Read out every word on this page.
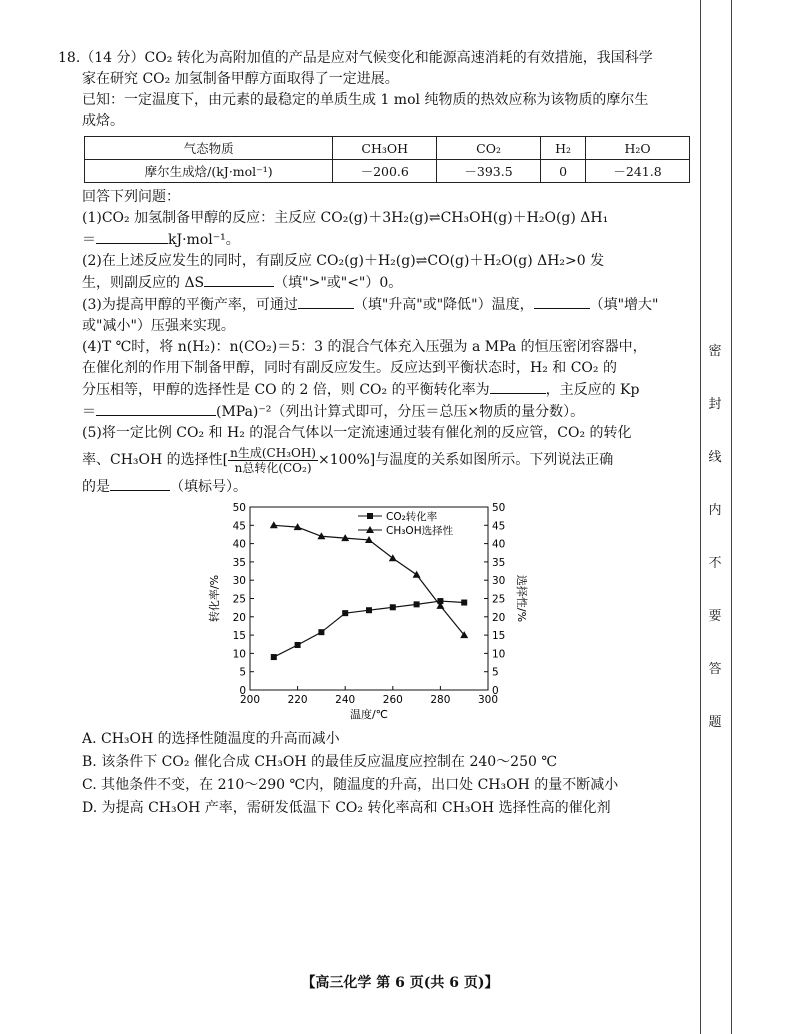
18.（14 分）CO₂ 转化为高附加值的产品是应对气候变化和能源高速消耗的有效措施，我国科学

家在研究 CO₂ 加氢制备甲醇方面取得了一定进展。

已知：一定温度下，由元素的最稳定的单质生成 1 mol 纯物质的热效应称为该物质的摩尔生

成焓。

气态物质	CH₃OH	CO₂	H₂	H₂O
摩尔生成焓/(kJ·mol⁻¹)	－200.6	－393.5	0	－241.8

回答下列问题：

(1)CO₂ 加氢制备甲醇的反应：主反应 CO₂(g)＋3H₂(g)⇌CH₃OH(g)＋H₂O(g) ΔH₁

＝	kJ·mol⁻¹。

(2)在上述反应发生的同时，有副反应 CO₂(g)＋H₂(g)⇌CO(g)＋H₂O(g) ΔH₂>0 发

生，则副反应的 ΔS	（填">"或"<"）0。

(3)为提高甲醇的平衡产率，可通过	（填"升高"或"降低"）温度，	（填"增大"

或"减小"）压强来实现。

(4)T ℃时，将 n(H₂)：n(CO₂)＝5：3 的混合气体充入压强为 a MPa 的恒压密闭容器中，

在催化剂的作用下制备甲醇，同时有副反应发生。反应达到平衡状态时，H₂ 和 CO₂ 的

分压相等，甲醇的选择性是 CO 的 2 倍，则 CO₂ 的平衡转化率为	，主反应的 Kp

＝	(MPa)⁻²（列出计算式即可，分压＝总压×物质的量分数）。

(5)将一定比例 CO₂ 和 H₂ 的混合气体以一定流速通过装有催化剂的反应管，CO₂ 的转化

率、CH₃OH 的选择性[ $\frac{\text{n生成(CH₃OH)}}{\text{n总转化(CO₂)}} \times 100\%$]与温度的关系如图所示。下列说法正确

的是	（填标号）。

0	0
5	5
10	10
15	15
20	20
25	25
30	30
35	35
40	40
45	45
50	50
200	220	240	260	280	300
温度/℃
转化率/%	选择性/%
CO₂转化率
CH₃OH选择性
A. CH₃OH 的选择性随温度的升高而减小
B. 该条件下 CO₂ 催化合成 CH₃OH 的最佳反应温度应控制在 240～250 ℃
C. 其他条件不变，在 210～290 ℃内，随温度的升高，出口处 CH₃OH 的量不断减小
D. 为提高 CH₃OH 产率，需研发低温下 CO₂ 转化率高和 CH₃OH 选择性高的催化剂
【高三化学 第 6 页(共 6 页)】
密
封
线
内
不
要
答
题
